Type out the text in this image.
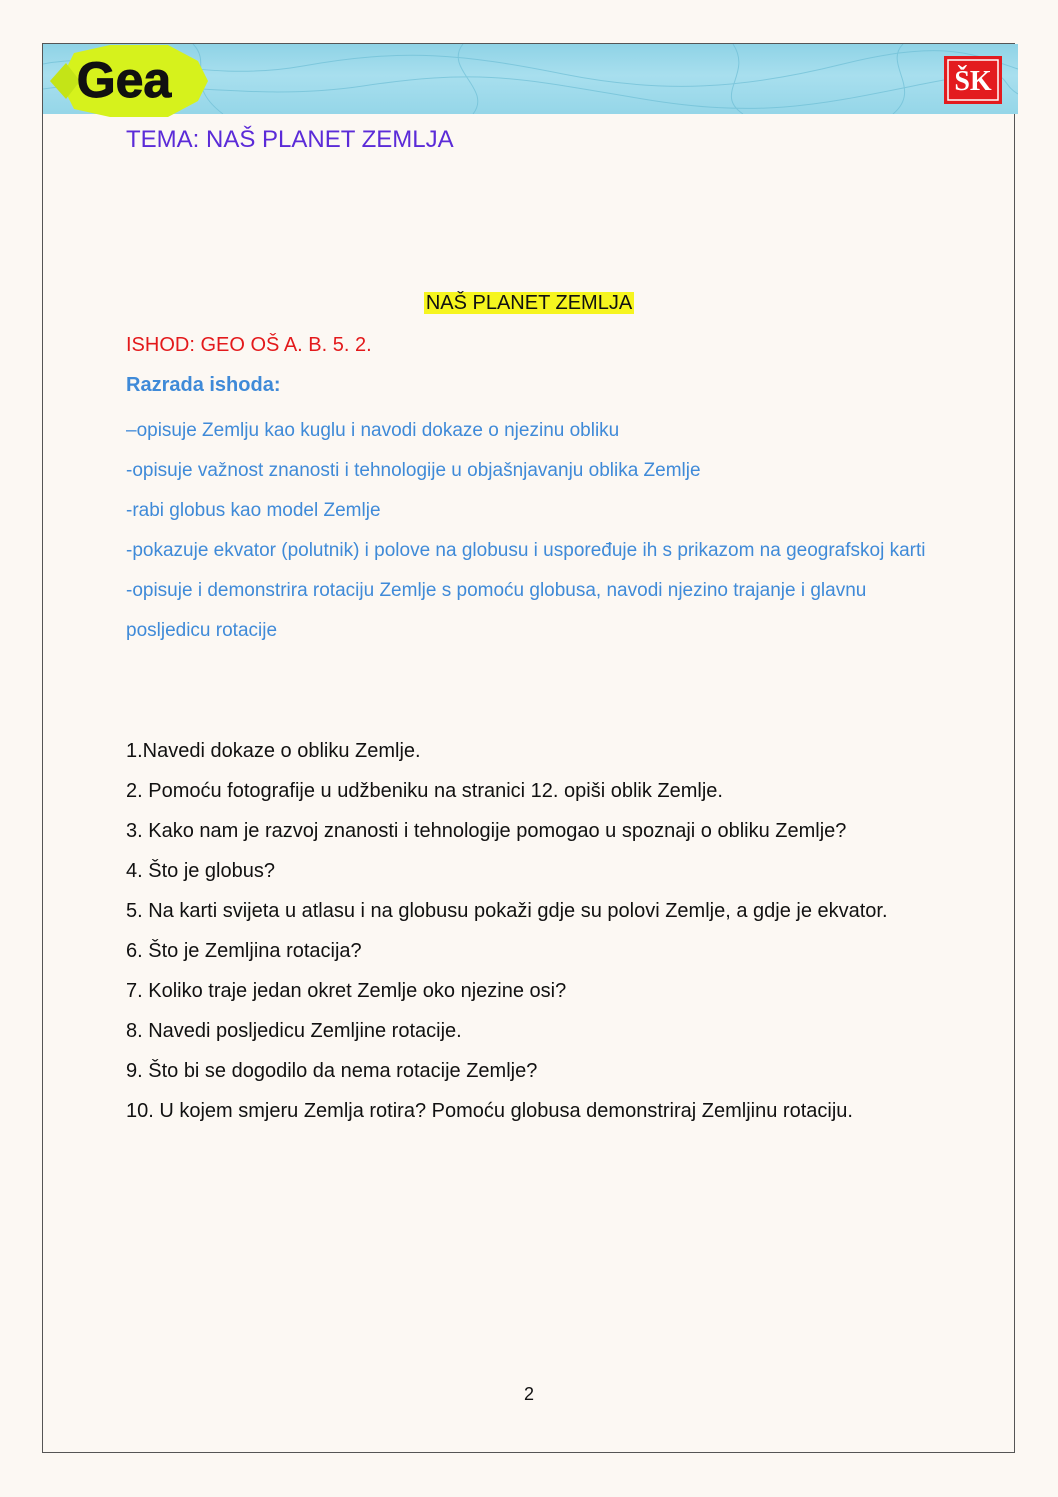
Gea	ŠK
TEMA: NAŠ PLANET ZEMLJA
NAŠ PLANET ZEMLJA
ISHOD: GEO OŠ A. B. 5. 2.
Razrada ishoda:
–opisuje Zemlju kao kuglu i navodi dokaze o njezinu obliku
-opisuje važnost znanosti i tehnologije u objašnjavanju oblika Zemlje
-rabi globus kao model Zemlje
-pokazuje ekvator (polutnik) i polove na globusu i uspoređuje ih s prikazom na geografskoj karti
-opisuje i demonstrira rotaciju Zemlje s pomoću globusa, navodi njezino trajanje i glavnu posljedicu rotacije
1.Navedi dokaze o obliku Zemlje.
2. Pomoću fotografije u udžbeniku na stranici 12. opiši oblik Zemlje.
3. Kako nam je razvoj znanosti i tehnologije pomogao u spoznaji o obliku Zemlje?
4. Što je globus?
5. Na karti svijeta u atlasu i na globusu pokaži gdje su polovi Zemlje, a gdje je ekvator.
6. Što je Zemljina rotacija?
7. Koliko traje jedan okret Zemlje oko njezine osi?
8. Navedi posljedicu Zemljine rotacije.
9. Što bi se dogodilo da nema rotacije Zemlje?
10. U kojem smjeru Zemlja rotira? Pomoću globusa demonstriraj Zemljinu rotaciju.
2
